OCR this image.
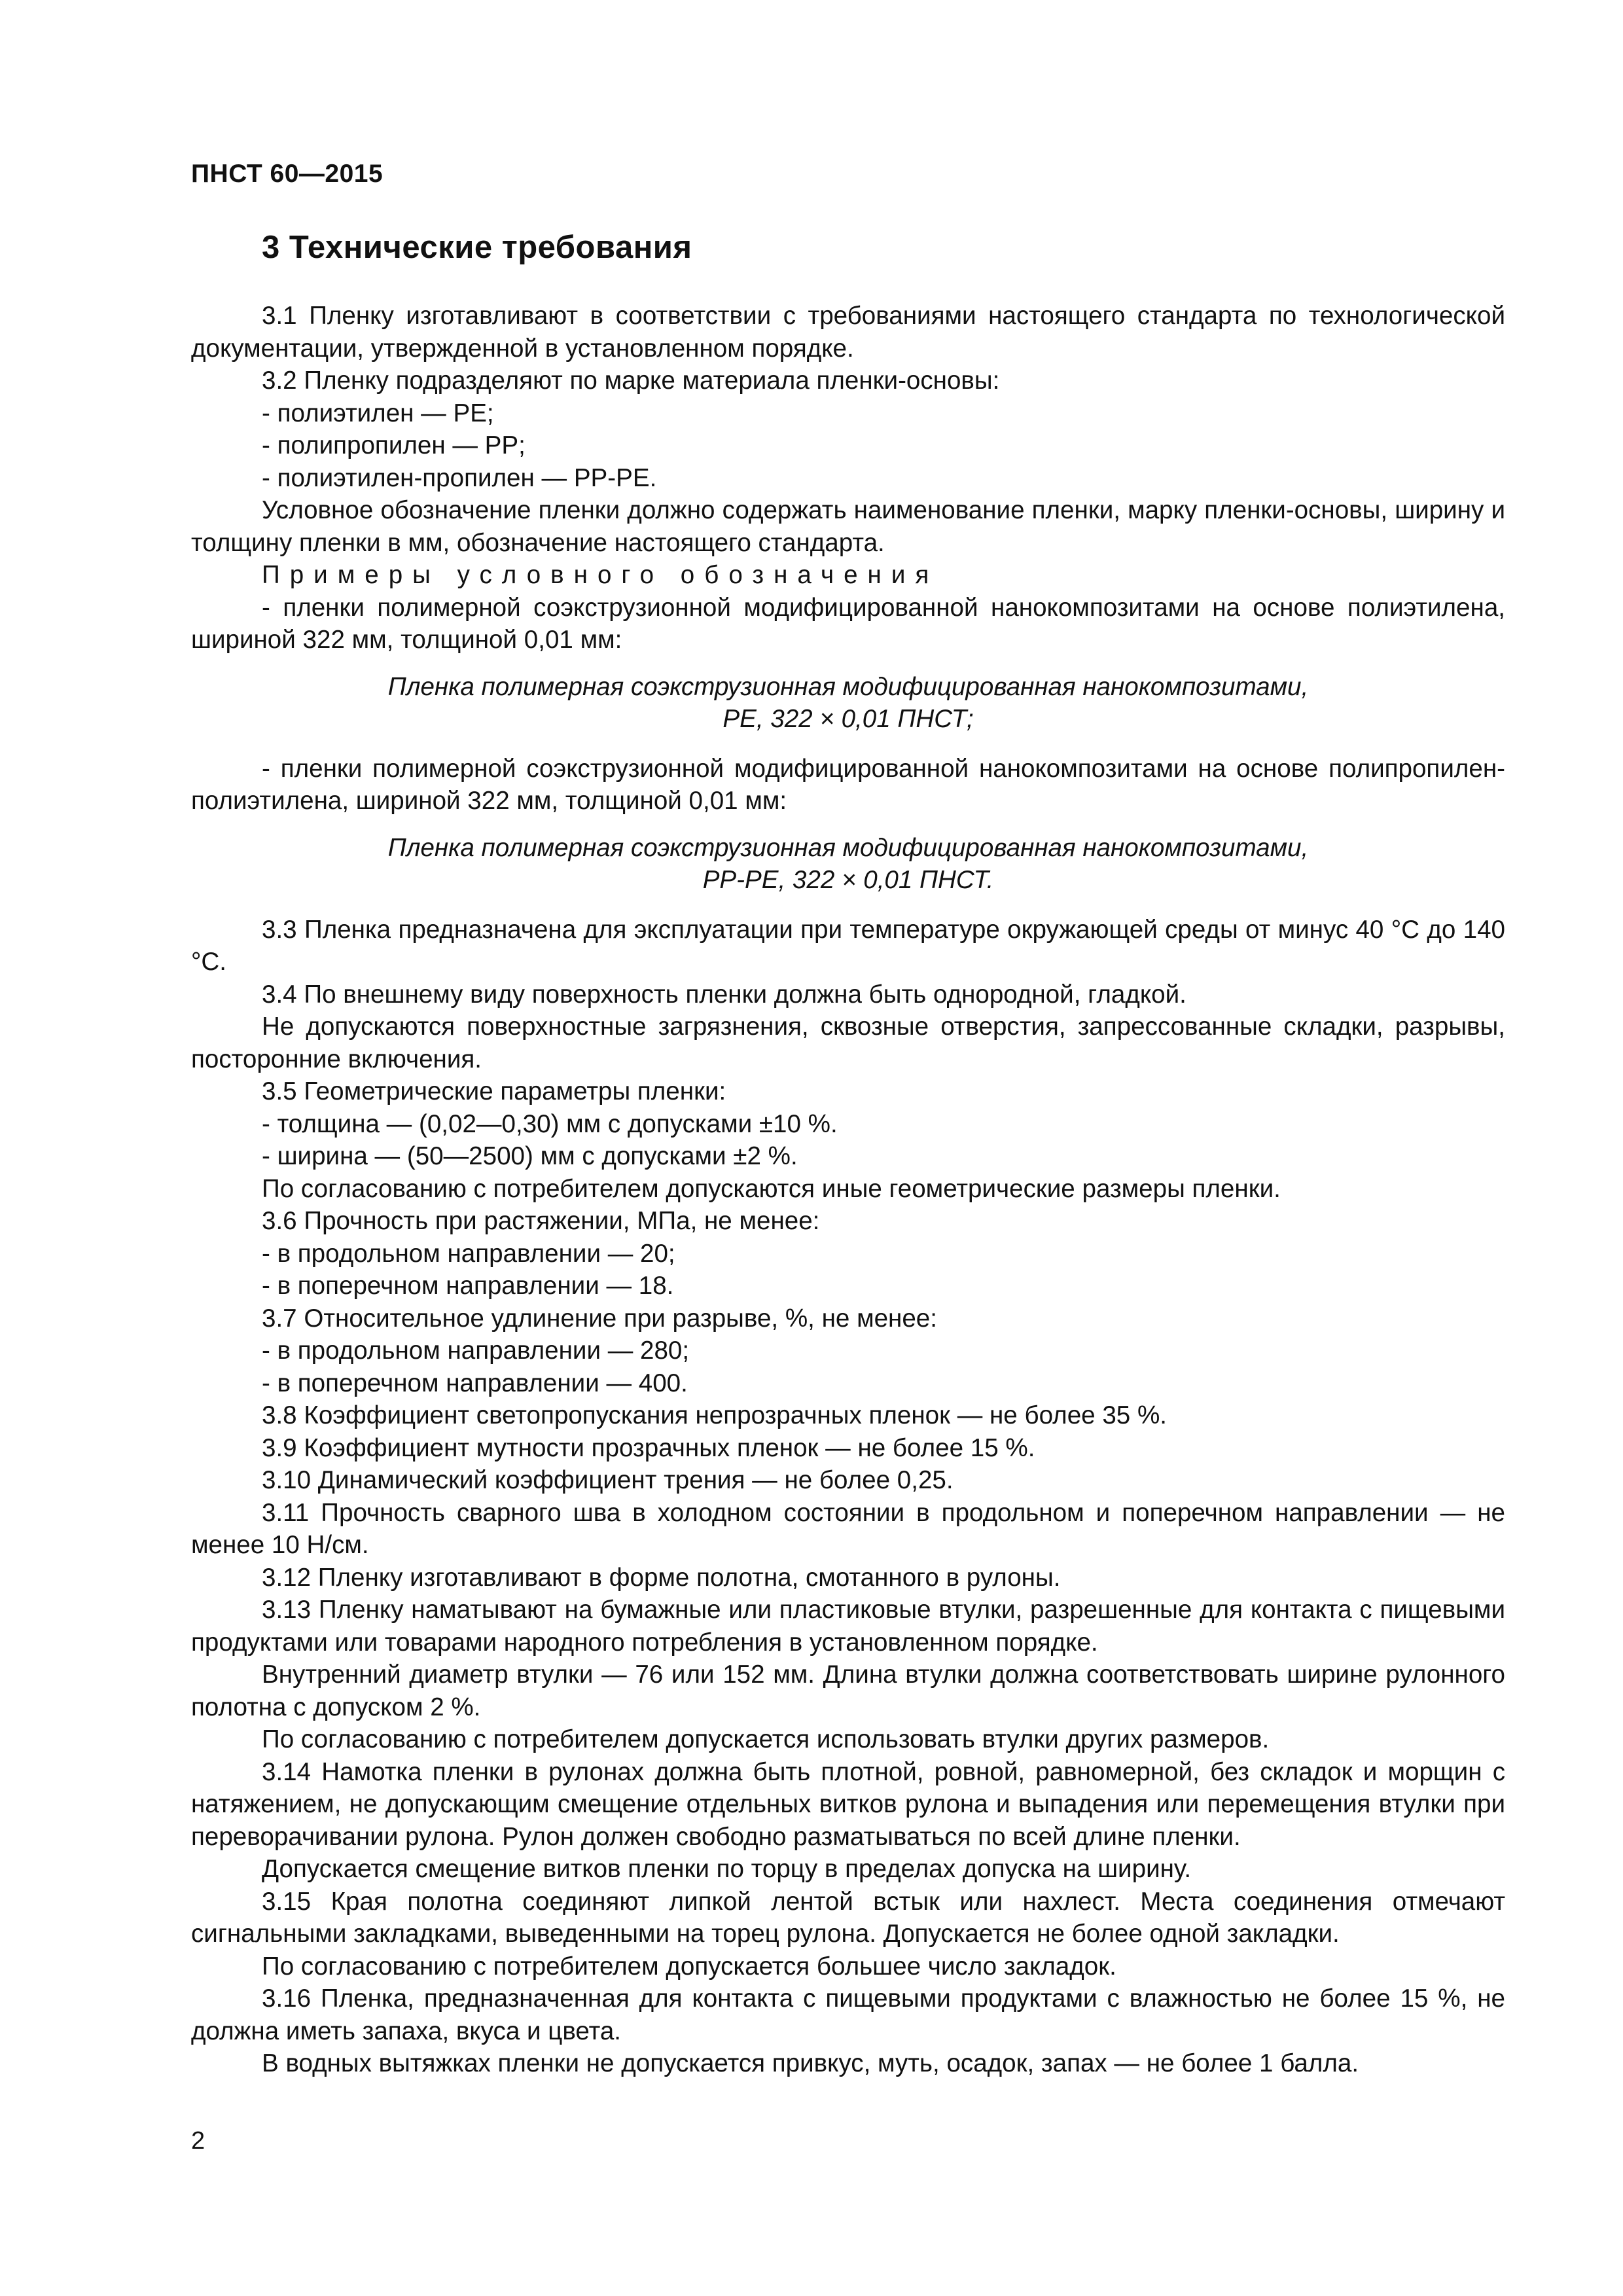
ПНСТ 60—2015
3 Технические требования

3.1 Пленку изготавливают в соответствии с требованиями настоящего стандарта по технологической документации, утвержденной в установленном порядке.

3.2 Пленку подразделяют по марке материала пленки-основы:

- полиэтилен — PE;

- полипропилен — PP;

- полиэтилен-пропилен — PP-PE.

Условное обозначение пленки должно содержать наименование пленки, марку пленки-основы, ширину и толщину пленки в мм, обозначение настоящего стандарта.

Примеры условного обозначения

- пленки полимерной соэкструзионной модифицированной нанокомпозитами на основе полиэтилена, шириной 322 мм, толщиной 0,01 мм:

Пленка полимерная соэкструзионная модифицированная нанокомпозитами,
PE, 322 × 0,01 ПНСТ;

- пленки полимерной соэкструзионной модифицированной нанокомпозитами на основе полипропилен-полиэтилена, шириной 322 мм, толщиной 0,01 мм:

Пленка полимерная соэкструзионная модифицированная нанокомпозитами,
PP-PE, 322 × 0,01 ПНСТ.

3.3 Пленка предназначена для эксплуатации при температуре окружающей среды от минус 40 °С до 140 °С.

3.4 По внешнему виду поверхность пленки должна быть однородной, гладкой.

Не допускаются поверхностные загрязнения, сквозные отверстия, запрессованные складки, разрывы, посторонние включения.

3.5 Геометрические параметры пленки:

- толщина — (0,02—0,30) мм с допусками ±10 %.

- ширина — (50—2500) мм с допусками ±2 %.

По согласованию с потребителем допускаются иные геометрические размеры пленки.

3.6 Прочность при растяжении, МПа, не менее:

- в продольном направлении — 20;

- в поперечном направлении — 18.

3.7 Относительное удлинение при разрыве, %, не менее:

- в продольном направлении — 280;

- в поперечном направлении — 400.

3.8 Коэффициент светопропускания непрозрачных пленок — не более 35 %.

3.9 Коэффициент мутности прозрачных пленок — не более 15 %.

3.10 Динамический коэффициент трения — не более 0,25.

3.11 Прочность сварного шва в холодном состоянии в продольном и поперечном направлении — не менее 10 Н/см.

3.12 Пленку изготавливают в форме полотна, смотанного в рулоны.

3.13 Пленку наматывают на бумажные или пластиковые втулки, разрешенные для контакта с пищевыми продуктами или товарами народного потребления в установленном порядке.

Внутренний диаметр втулки — 76 или 152 мм. Длина втулки должна соответствовать ширине рулонного полотна с допуском 2 %.

По согласованию с потребителем допускается использовать втулки других размеров.

3.14 Намотка пленки в рулонах должна быть плотной, ровной, равномерной, без складок и морщин с натяжением, не допускающим смещение отдельных витков рулона и выпадения или перемещения втулки при переворачивании рулона. Рулон должен свободно разматываться по всей длине пленки.

Допускается смещение витков пленки по торцу в пределах допуска на ширину.

3.15 Края полотна соединяют липкой лентой встык или нахлест. Места соединения отмечают сигнальными закладками, выведенными на торец рулона. Допускается не более одной закладки.

По согласованию с потребителем допускается большее число закладок.

3.16 Пленка, предназначенная для контакта с пищевыми продуктами с влажностью не более 15 %, не должна иметь запаха, вкуса и цвета.

В водных вытяжках пленки не допускается привкус, муть, осадок, запах — не более 1 балла.

2
